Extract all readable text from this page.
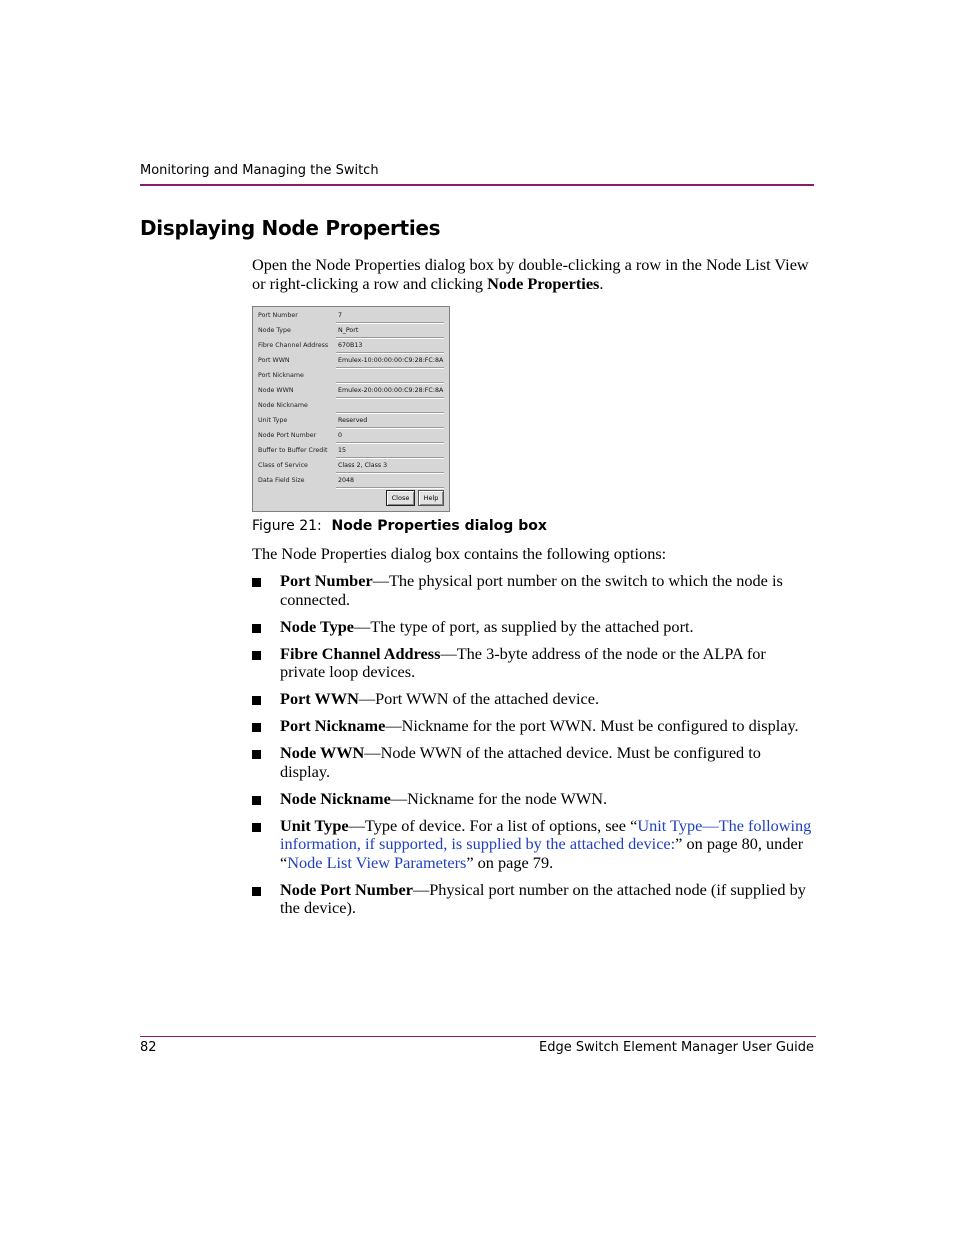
Monitoring and Managing the Switch
Displaying Node Properties

Open the Node Properties dialog box by double-clicking a row in the Node List View or right-clicking a row and clicking Node Properties.

Port Number	7
Node Type	N_Port
Fibre Channel Address 670B13
Port WWN	Emulex-10:00:00:00:C9:28:FC:8A
Port Nickname
Node WWN	Emulex-20:00:00:00:C9:28:FC:8A
Node Nickname
Unit Type	Reserved
Node Port Number	0
Buffer to Buffer Credit 15
Class of Service	Class 2, Class 3
Data Field Size	2048
Close	Help

Figure 21: Node Properties dialog box

The Node Properties dialog box contains the following options:

Port Number—The physical port number on the switch to which the node is connected.
Node Type—The type of port, as supplied by the attached port.
Fibre Channel Address—The 3-byte address of the node or the ALPA for private loop devices.
Port WWN—Port WWN of the attached device.
Port Nickname—Nickname for the port WWN. Must be configured to display.
Node WWN—Node WWN of the attached device. Must be configured to display.
Node Nickname—Nickname for the node WWN.
Unit Type—Type of device. For a list of options, see “Unit Type—The following information, if supported, is supplied by the attached device:” on page 80, under “Node List View Parameters” on page 79.
Node Port Number—Physical port number on the attached node (if supplied by the device).
82	Edge Switch Element Manager User Guide
